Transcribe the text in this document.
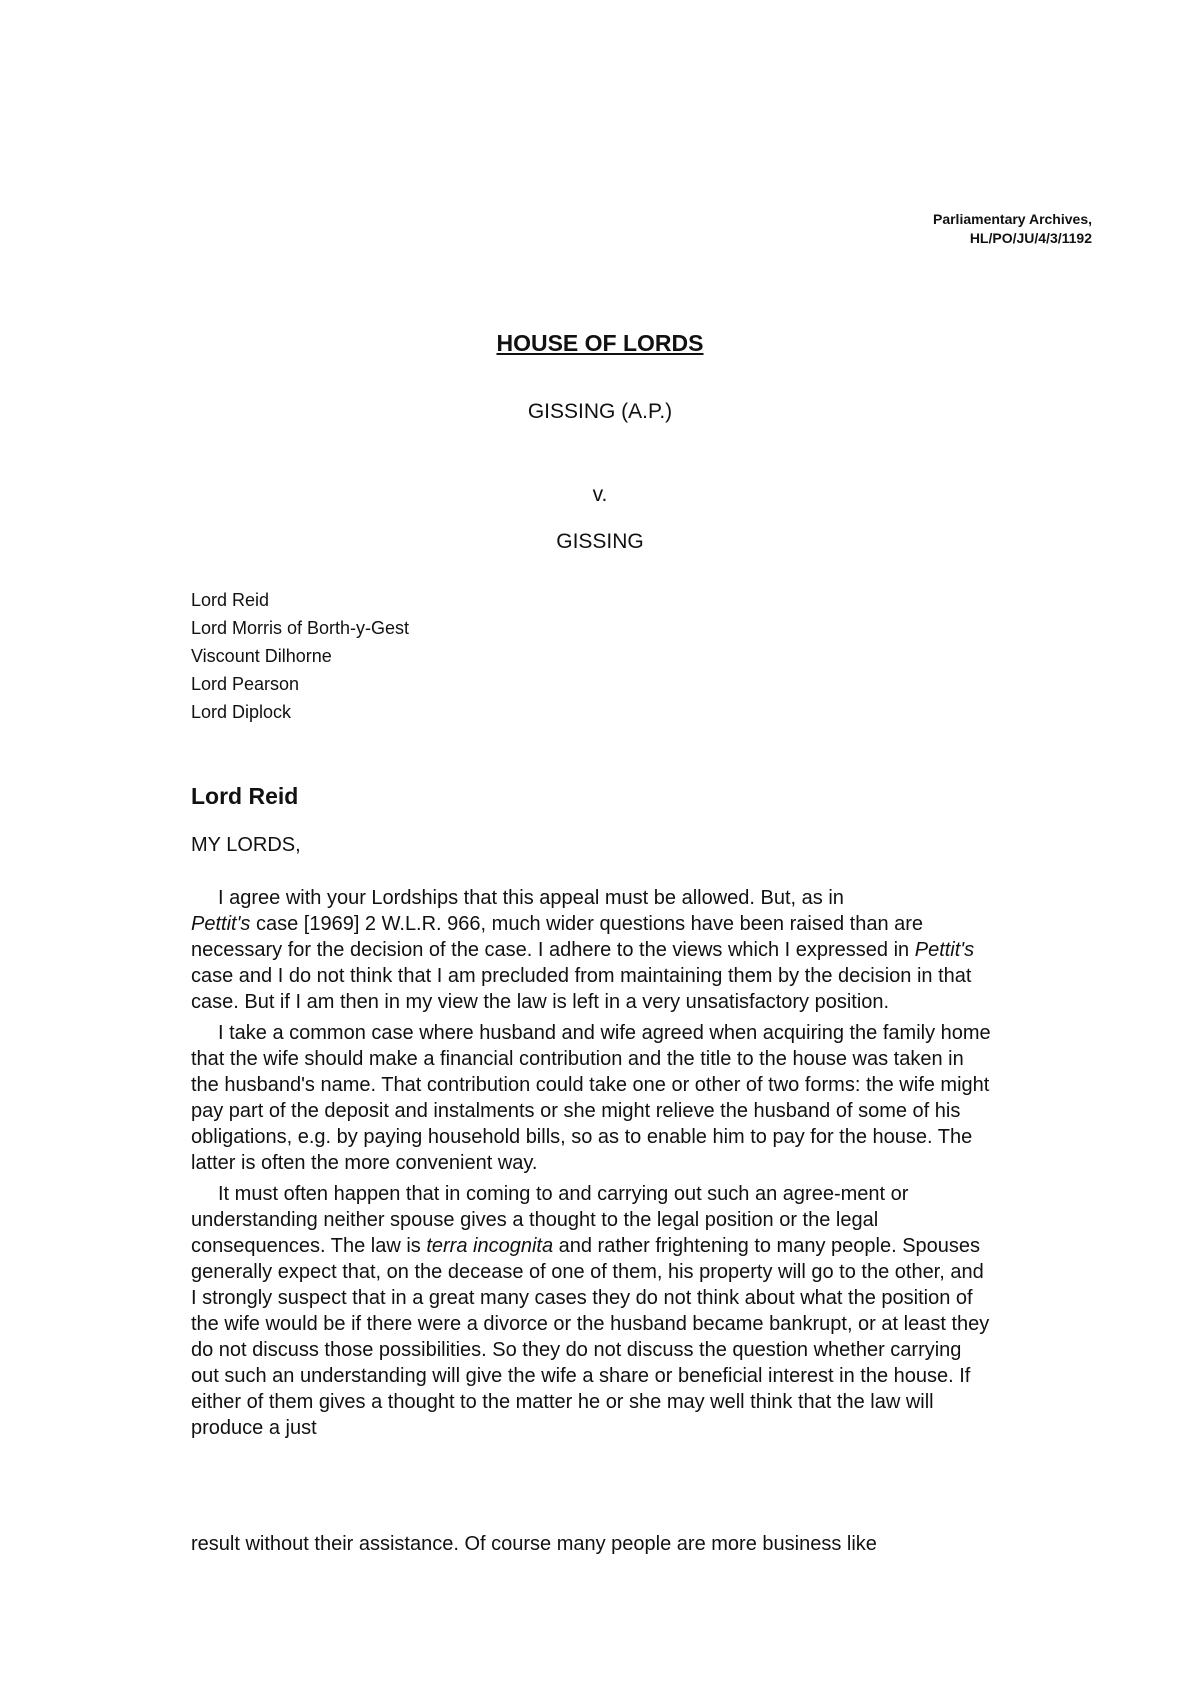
Parliamentary Archives,
HL/PO/JU/4/3/1192
HOUSE OF LORDS
GISSING (A.P.)
v.
GISSING
Lord Reid
Lord Morris of Borth-y-Gest
Viscount Dilhorne
Lord Pearson
Lord Diplock
Lord Reid
MY LORDS,

I agree with your Lordships that this appeal must be allowed. But, as in
Pettit's case [1969] 2 W.L.R. 966, much wider questions have been raised than are necessary for the decision of the case. I adhere to the views which I expressed in Pettit's case and I do not think that I am precluded from maintaining them by the decision in that case. But if I am then in my view the law is left in a very unsatisfactory position.

I take a common case where husband and wife agreed when acquiring the family home that the wife should make a financial contribution and the title to the house was taken in the husband's name. That contribution could take one or other of two forms: the wife might pay part of the deposit and instalments or she might relieve the husband of some of his obligations, e.g. by paying household bills, so as to enable him to pay for the house. The latter is often the more convenient way.

It must often happen that in coming to and carrying out such an agree-ment or understanding neither spouse gives a thought to the legal position or the legal consequences. The law is terra incognita and rather frightening to many people. Spouses generally expect that, on the decease of one of them, his property will go to the other, and I strongly suspect that in a great many cases they do not think about what the position of the wife would be if there were a divorce or the husband became bankrupt, or at least they do not discuss those possibilities. So they do not discuss the question whether carrying out such an understanding will give the wife a share or beneficial interest in the house. If either of them gives a thought to the matter he or she may well think that the law will produce a just

result without their assistance. Of course many people are more business like
